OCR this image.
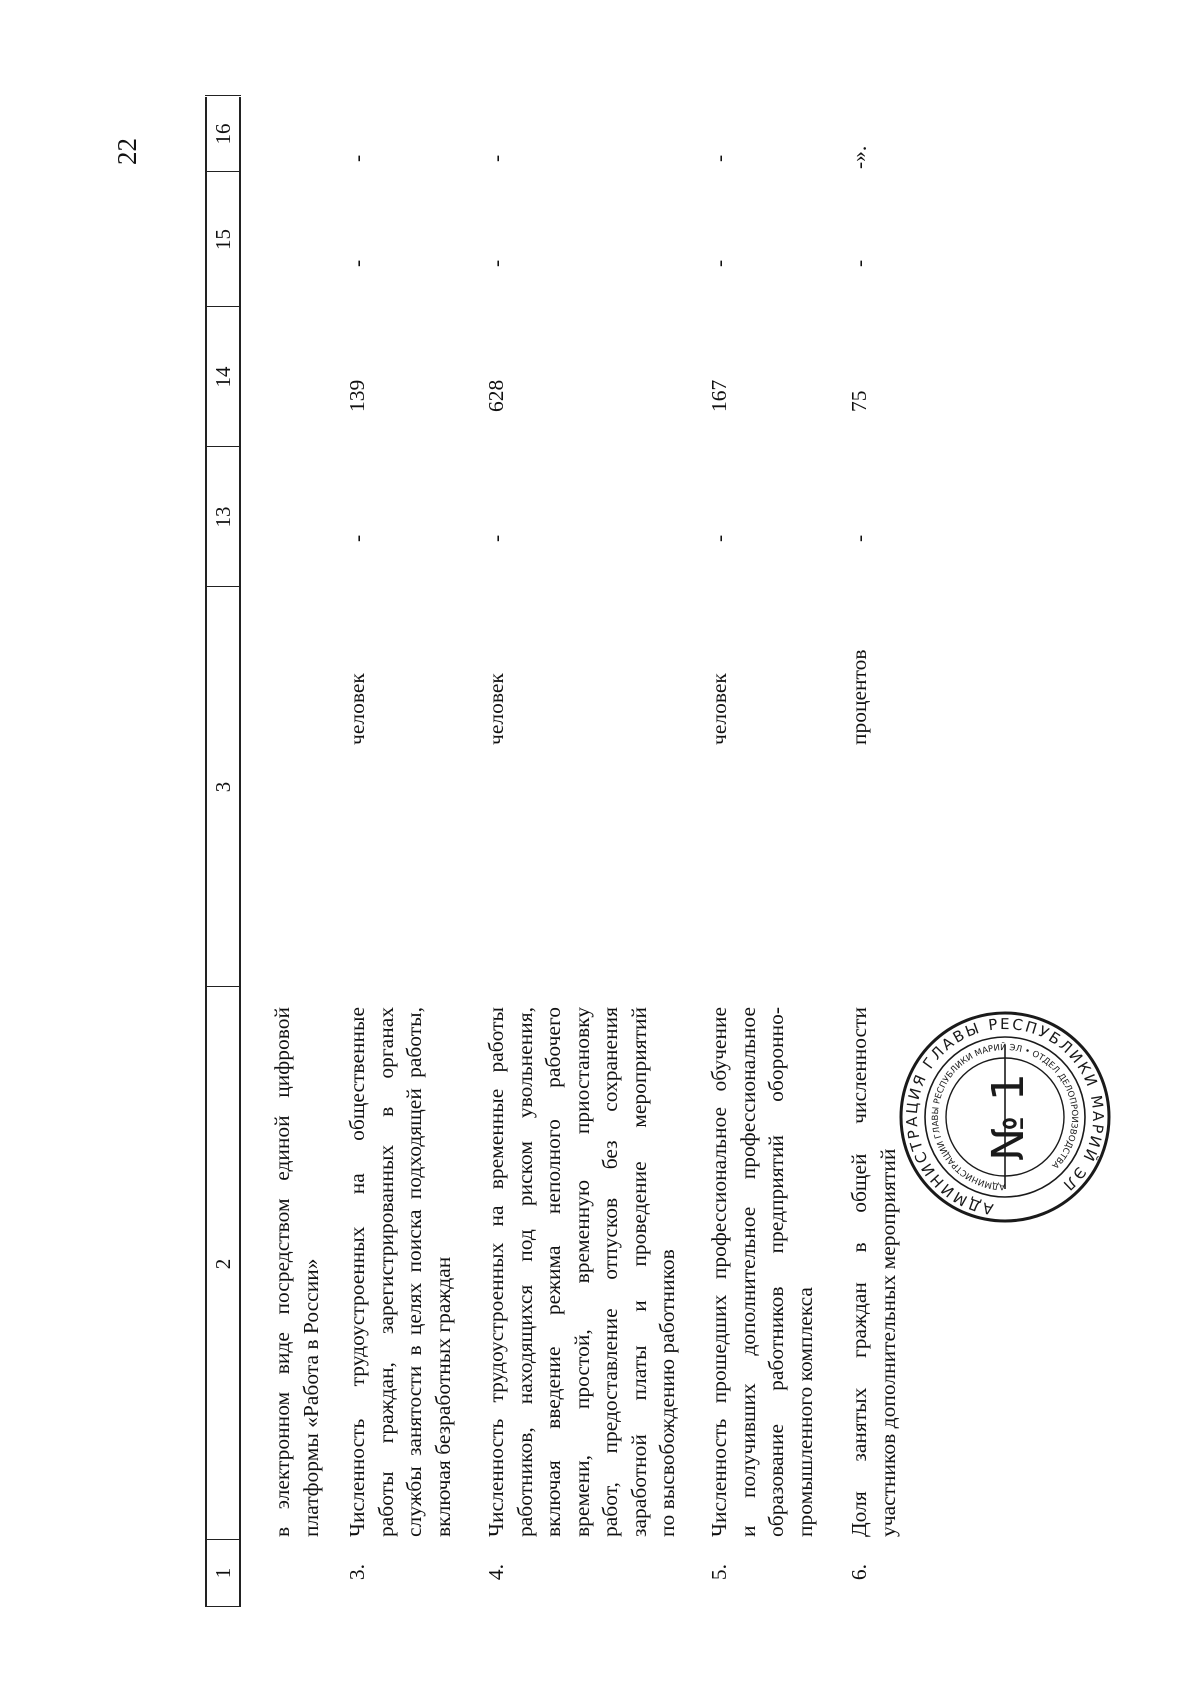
22
1
2
3
13
14
15
16
в электронном виде посредством единой цифровой платформы «Работа в России»
3.
Численность трудоустроенных на общественные работы граждан, зарегистрированных в органах службы занятости в целях поиска подходящей работы, включая безработных граждан
человек
-
139
-
-
4.
Численность трудоустроенных на временные работы работников, находящихся под риском увольнения, включая введение режима неполного рабочего времени, простой, временную приостановку работ, предоставление отпусков без сохранения заработной платы и проведение мероприятий по высвобождению работников
человек
-
628
-
-
5.
Численность прошедших профессиональное обучение и получивших дополнительное профессиональное образование работников предприятий оборонно- промышленного комплекса
человек
-
167
-
-
6.
Доля занятых граждан в общей численности участников дополнительных мероприятий
процентов
-
75
-
-».
АДМИНИСТРАЦИЯ ГЛАВЫ РЕСПУБЛИКИ МАРИЙ ЭЛ
АДМИНИСТРАЦИИ ГЛАВЫ РЕСПУБЛИКИ МАРИЙ ЭЛ • ОТДЕЛ ДЕЛОПРОИЗВОДСТВА
№ 1
